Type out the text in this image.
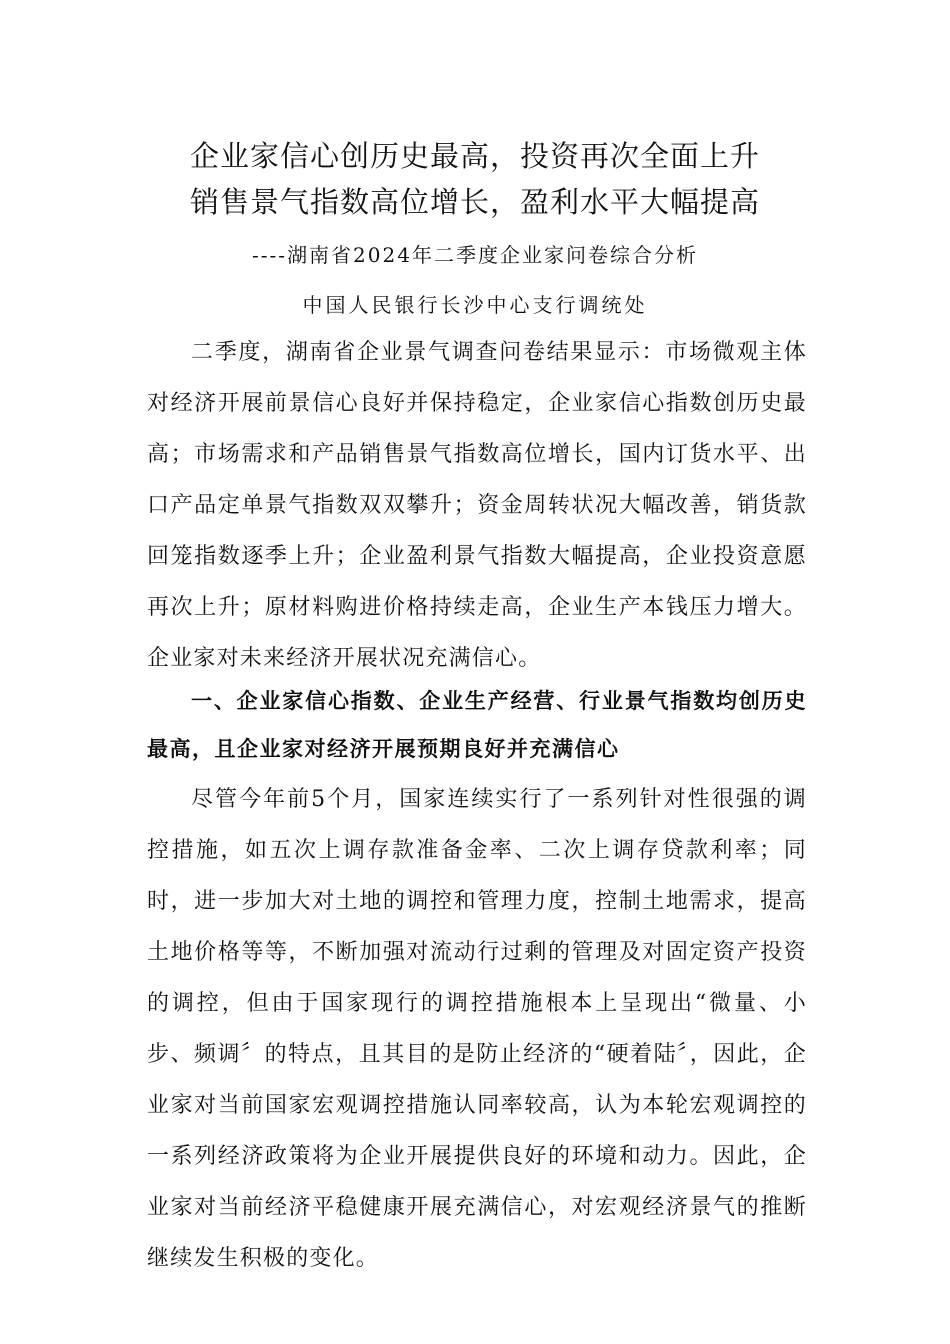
企业家信心创历史最高，投资再次全面上升
销售景气指数高位增长，盈利水平大幅提高
----湖南省2024年二季度企业家问卷综合分析
中国人民银行长沙中心支行调统处

二季度，湖南省企业景气调查问卷结果显示：市场微观主体对经济开展前景信心良好并保持稳定，企业家信心指数创历史最高；市场需求和产品销售景气指数高位增长，国内订货水平、出口产品定单景气指数双双攀升；资金周转状况大幅改善，销货款回笼指数逐季上升；企业盈利景气指数大幅提高，企业投资意愿再次上升；原材料购进价格持续走高，企业生产本钱压力增大。企业家对未来经济开展状况充满信心。

一、企业家信心指数、企业生产经营、行业景气指数均创历史最高，且企业家对经济开展预期良好并充满信心

尽管今年前5个月，国家连续实行了一系列针对性很强的调控措施，如五次上调存款准备金率、二次上调存贷款利率；同时，进一步加大对土地的调控和管理力度，控制土地需求，提高土地价格等等，不断加强对流动行过剩的管理及对固定资产投资的调控，但由于国家现行的调控措施根本上呈现出“微量、小步、频调〞的特点，且其目的是防止经济的“硬着陆〞，因此，企业家对当前国家宏观调控措施认同率较高，认为本轮宏观调控的一系列经济政策将为企业开展提供良好的环境和动力。因此，企业家对当前经济平稳健康开展充满信心，对宏观经济景气的推断继续发生积极的变化。
